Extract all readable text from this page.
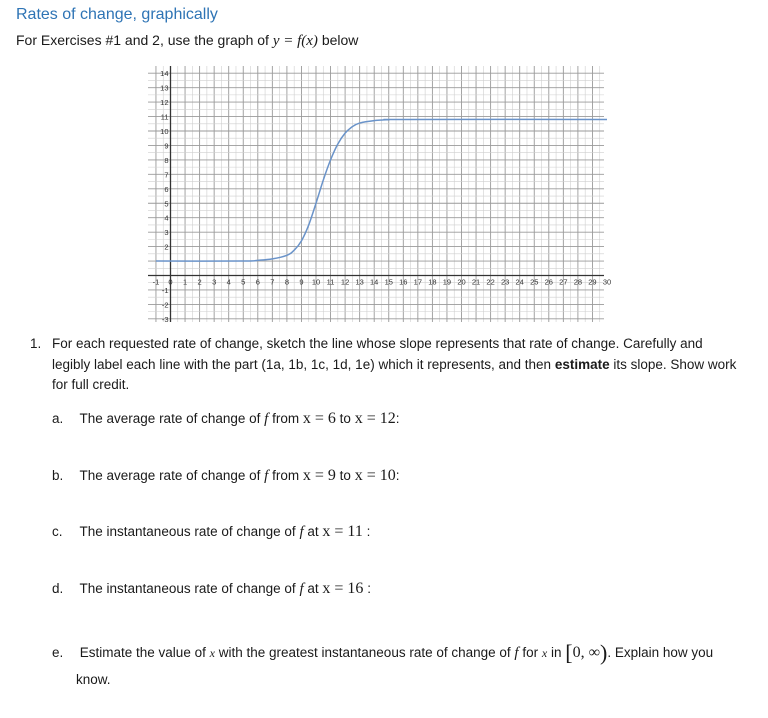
Rates of change, graphically
For Exercises #1 and 2, use the graph of y = f(x) below
-1 0 1 2 3 4 5 6 7 8 9 10 11 12 13 14 15 16 17 18 19 20 21 22 23 24 25 26 27 28 29 30
-3
-2
-1
2
3
4
5
6
7
8
9
10
11
12
13
14
1. For each requested rate of change, sketch the line whose slope represents that rate of change. Carefully and legibly label each line with the part (1a, 1b, 1c, 1d, 1e) which it represents, and then estimate its slope. Show work for full credit.
a. The average rate of change of f from x = 6 to x = 12:
b. The average rate of change of f from x = 9 to x = 10:
c. The instantaneous rate of change of f at x = 11 :
d. The instantaneous rate of change of f at x = 16 :
e. Estimate the value of x with the greatest instantaneous rate of change of f for x in [0, ∞). Explain how you
know.
